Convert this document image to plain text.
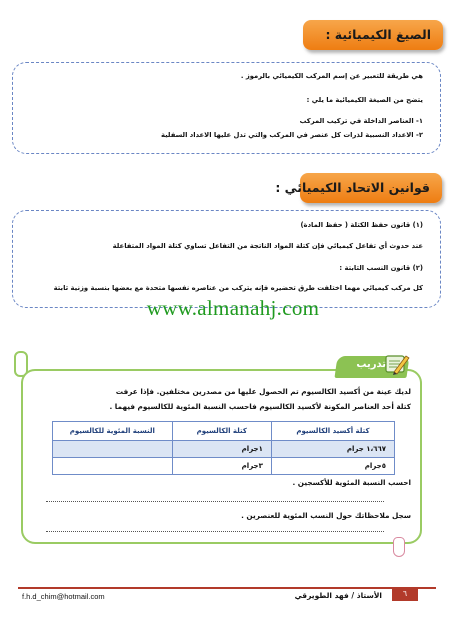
الصيغ الكيميائية :
هي طريقة للتعبير عن إسم المركب الكيميائي بالرموز .
يتضح من الصيغة الكيميائية ما يلي :
١- العناصر الداخلة في تركيب المركب
٢- الاعداد النسبية لذرات كل عنصر في المركب والتي تدل عليها الاعداد السفلية
قوانين الاتحاد الكيميائي :
(١) قانون حفظ الكتلة ( حفظ المادة)
عند حدوث أي تفاعل كيميائي فإن كتلة المواد الناتجة من التفاعل تساوي كتلة المواد المتفاعلة
(٢) قانون النسب الثابتة :
كل مركب كيميائي مهما اختلفت طرق تحضيره فإنه يتركب من عناصره نفسها متحدة مع بعضها بنسبة وزنية ثابتة
www.almanahj.com
تدريب
لديك عينة من أكسيد الكالسيوم تم الحصول عليها من مصدرين مختلفين. فإذا عرفت
كتلة أحد العناصر المكونة لأكسيد الكالسيوم فاحسب النسبة المئوية للكالسيوم فيهما .
كتلة أكسيد الكالسيوم	كتلة الكالسيوم	النسبة المئوية للكالسيوم
١،٦٦٧ جرام	١جرام	
٥جرام	٣جرام	
احسب النسبة المئوية للأكسجين .
سجل ملاحظاتك حول النسب المئوية للعنصرين .
f.h.d_chim@hotmail.com	الأستاذ / فهد الطويرقي	٦
